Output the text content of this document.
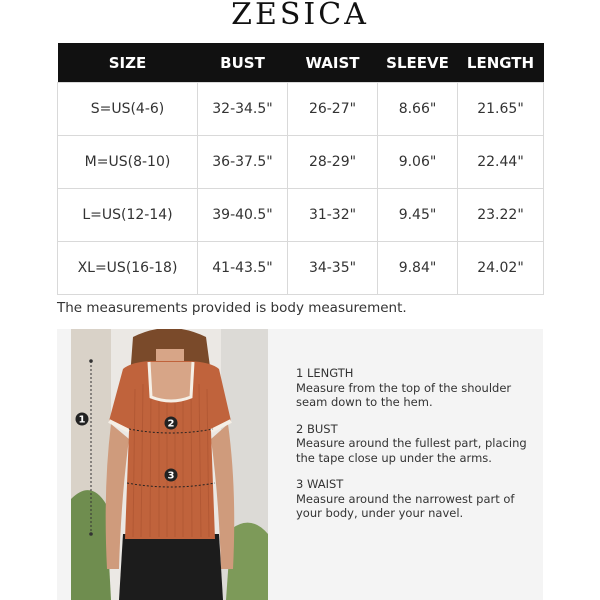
ZESICA
SIZE	BUST	WAIST	SLEEVE	LENGTH
S=US(4-6)	32-34.5"	26-27"	8.66"	21.65"
M=US(8-10)	36-37.5"	28-29"	9.06"	22.44"
L=US(12-14)	39-40.5"	31-32"	9.45"	23.22"
XL=US(16-18)	41-43.5"	34-35"	9.84"	24.02"
The measurements provided is body measurement.
1	2
3
1 LENGTH
Measure from the top of the shoulder seam down to the hem.
2 BUST
Measure around the fullest part, placing the tape close up under the arms.
3 WAIST
Measure around the narrowest part of your body, under your navel.
